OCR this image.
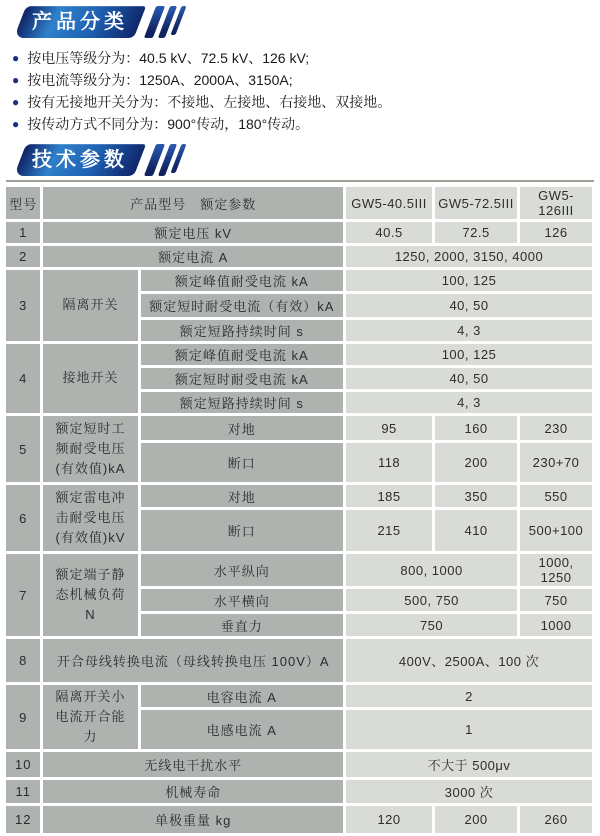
产品分类
● 按电压等级分为：40.5 kV、72.5 kV、126 kV;
● 按电流等级分为：1250A、2000A、3150A;
● 按有无接地开关分为：不接地、左接地、右接地、双接地。
● 按传动方式不同分为：900°传动，180°传动。
技术参数
型号	产品型号　额定参数		GW5-40.5III	GW5-72.5III	GW5-126III
1	额定电压 kV		40.5	72.5	126
2	额定电流 A		1250, 2000, 3150, 4000		
3	隔离开关	额定峰值耐受电流 kA	100, 125		
		额定短时耐受电流（有效）kA	40, 50		
		额定短路持续时间 s	4, 3		
4	接地开关	额定峰值耐受电流 kA	100, 125		
		额定短时耐受电流 kA	40, 50		
		额定短路持续时间 s	4, 3		
5	额定短时工频耐受电压(有效值)kA	对地	95	160	230
		断口	118	200	230+70
6	额定雷电冲击耐受电压(有效值)kV	对地	185	350	550
		断口	215	410	500+100
7	额定端子静态机械负荷 N	水平纵向	800, 1000		1000, 1250
		水平横向	500, 750		750
		垂直力	750		1000
8	开合母线转换电流（母线转换电压 100V）A		400V、2500A、100 次		
9	隔离开关小电流开合能力	电容电流 A	2		
		电感电流 A	1		
10	无线电干扰水平		不大于 500μv		
11	机械寿命		3000 次		
12	单极重量 kg		120	200	260
